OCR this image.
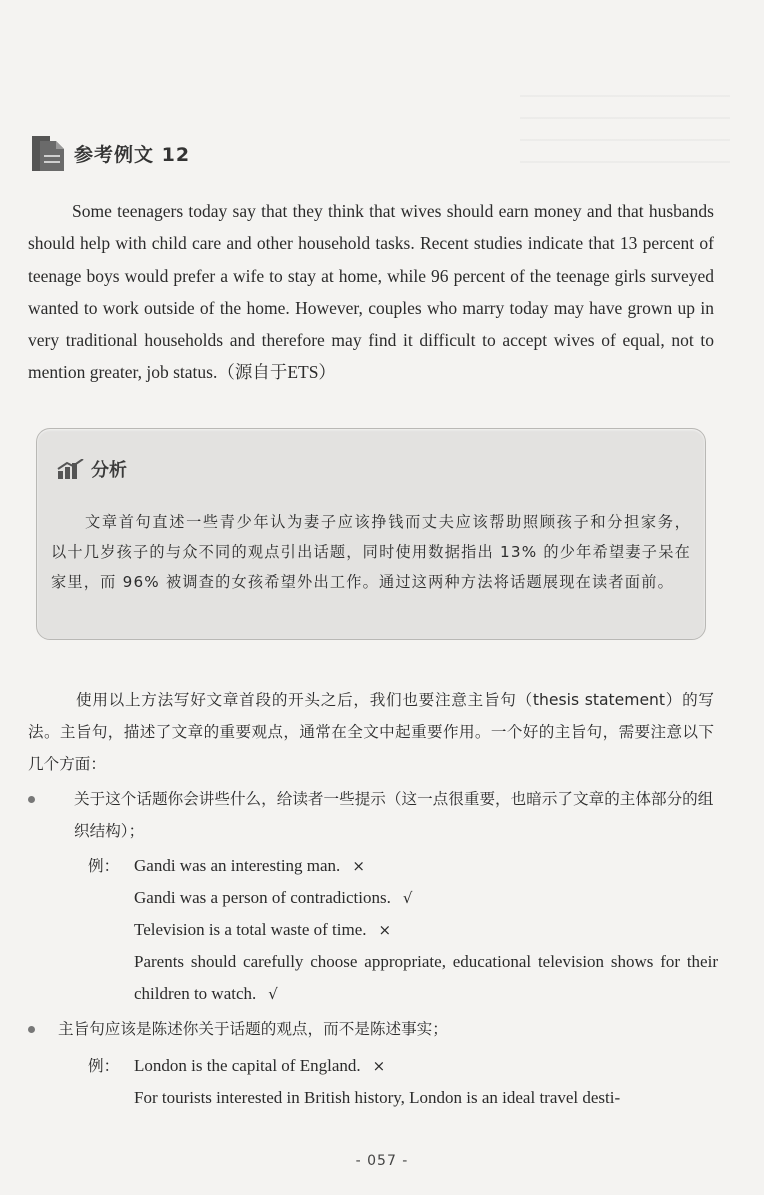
参考例文 12

Some teenagers today say that they think that wives should earn money and that husbands should help with child care and other household tasks. Recent studies indicate that 13 percent of teenage boys would prefer a wife to stay at home, while 96 percent of the teenage girls surveyed wanted to work outside of the home. However, couples who marry today may have grown up in very traditional households and therefore may find it difficult to accept wives of equal, not to mention greater, job status.（源自于ETS）

分析

文章首句直述一些青少年认为妻子应该挣钱而丈夫应该帮助照顾孩子和分担家务，以十几岁孩子的与众不同的观点引出话题，同时使用数据指出 13% 的少年希望妻子呆在家里，而 96% 被调查的女孩希望外出工作。通过这两种方法将话题展现在读者面前。

使用以上方法写好文章首段的开头之后，我们也要注意主旨句（thesis statement）的写法。主旨句，描述了文章的重要观点，通常在全文中起重要作用。一个好的主旨句，需要注意以下几个方面：

关于这个话题你会讲些什么，给读者一些提示（这一点很重要，也暗示了文章的主体部分的组织结构）；
例： Gandi was an interesting man. ×
Gandi was a person of contradictions. √
Television is a total waste of time. ×
Parents should carefully choose appropriate, educational television shows for their children to watch. √
主旨句应该是陈述你关于话题的观点，而不是陈述事实；
例： London is the capital of England. ×
For tourists interested in British history, London is an ideal travel desti-
- 057 -
